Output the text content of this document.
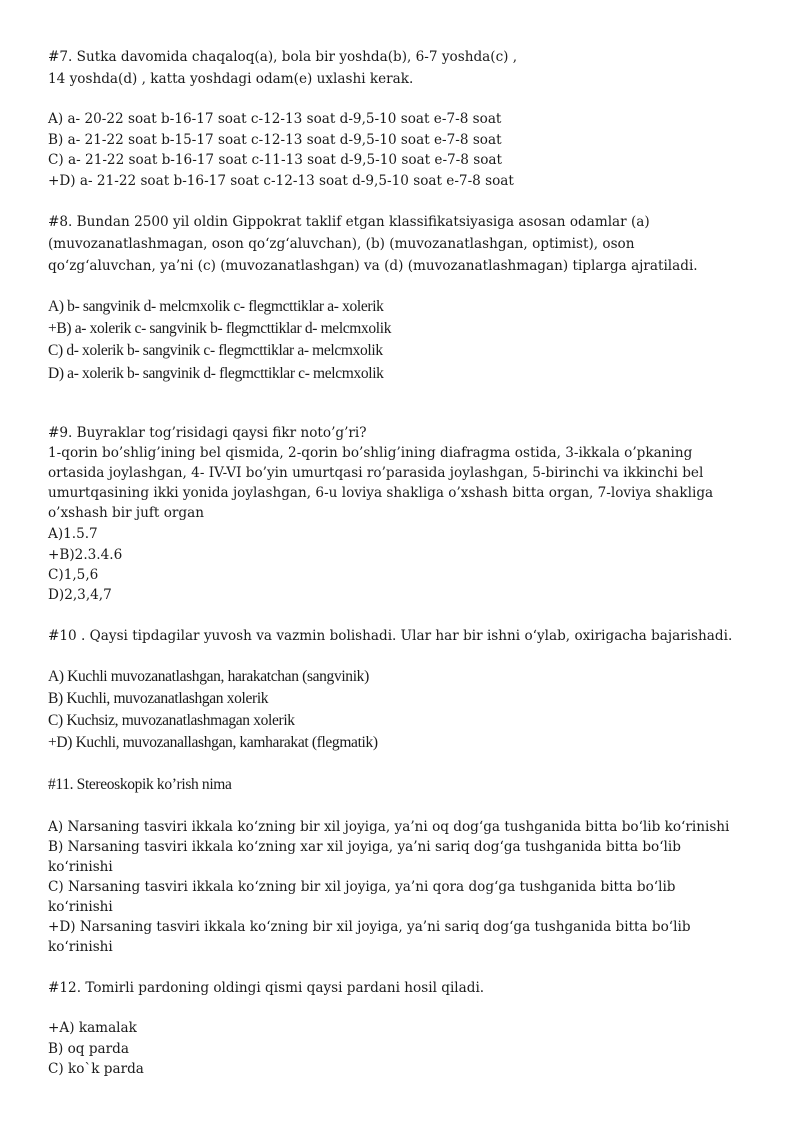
#7. Sutka davomida chaqaloq(a), bola bir yoshda(b), 6-7 yoshda(c) ,
14 yoshda(d) , katta yoshdagi odam(e) uxlashi kerak.
A) a- 20-22 soat b-16-17 soat c-12-13 soat d-9,5-10 soat e-7-8 soat
B) a- 21-22 soat b-15-17 soat c-12-13 soat d-9,5-10 soat e-7-8 soat
C) a- 21-22 soat b-16-17 soat c-11-13 soat d-9,5-10 soat e-7-8 soat
+D) a- 21-22 soat b-16-17 soat c-12-13 soat d-9,5-10 soat e-7-8 soat
#8. Bundan 2500 yil oldin Gippokrat taklif etgan klassifikatsiyasiga asosan odamlar (a)
(muvozanatlashmagan, oson qo‘zg‘aluvchan), (b) (muvozanatlashgan, optimist), oson
qo‘zg‘aluvchan, ya’ni (c) (muvozanatlashgan) va (d) (muvozanatlashmagan) tiplarga ajratiladi.
A) b- sangvinik d- melcmxolik c- flegmcttiklar a- xolerik
+B) a- xolerik c- sangvinik b- flegmcttiklar d- melcmxolik
C) d- xolerik b- sangvinik c- flegmcttiklar a- melcmxolik
D) a- xolerik b- sangvinik d- flegmcttiklar c- melcmxolik
#9. Buyraklar tog’risidagi qaysi fikr noto’g’ri?
1-qorin bo’shlig’ining bel qismida, 2-qorin bo’shlig’ining diafragma ostida, 3-ikkala o’pkaning
ortasida joylashgan, 4- IV-VI bo’yin umurtqasi ro’parasida joylashgan, 5-birinchi va ikkinchi bel
umurtqasining ikki yonida joylashgan, 6-u loviya shakliga o’xshash bitta organ, 7-loviya shakliga
o’xshash bir juft organ
A)1.5.7
+B)2.3.4.6
C)1,5,6
D)2,3,4,7
#10 . Qaysi tipdagilar yuvosh va vazmin bolishadi. Ular har bir ishni o‘ylab, oxirigacha bajarishadi.
A) Kuchli muvozanatlashgan, harakatchan (sangvinik)
B) Kuchli, muvozanatlashgan xolerik
C) Kuchsiz, muvozanatlashmagan xolerik
+D) Kuchli, muvozanallashgan, kamharakat (flegmatik)
#11. Stereoskopik ko’rish nima
A) Narsaning tasviri ikkala ko‘zning bir xil joyiga, ya’ni oq dog‘ga tushganida bitta bo‘lib ko‘rinishi
B) Narsaning tasviri ikkala ko‘zning xar xil joyiga, ya’ni sariq dog‘ga tushganida bitta bo‘lib
ko‘rinishi
C) Narsaning tasviri ikkala ko‘zning bir xil joyiga, ya’ni qora dog‘ga tushganida bitta bo‘lib
ko‘rinishi
+D) Narsaning tasviri ikkala ko‘zning bir xil joyiga, ya’ni sariq dog‘ga tushganida bitta bo‘lib
ko‘rinishi
#12. Tomirli pardoning oldingi qismi qaysi pardani hosil qiladi.
+A) kamalak
B) oq parda
C) ko`k parda
